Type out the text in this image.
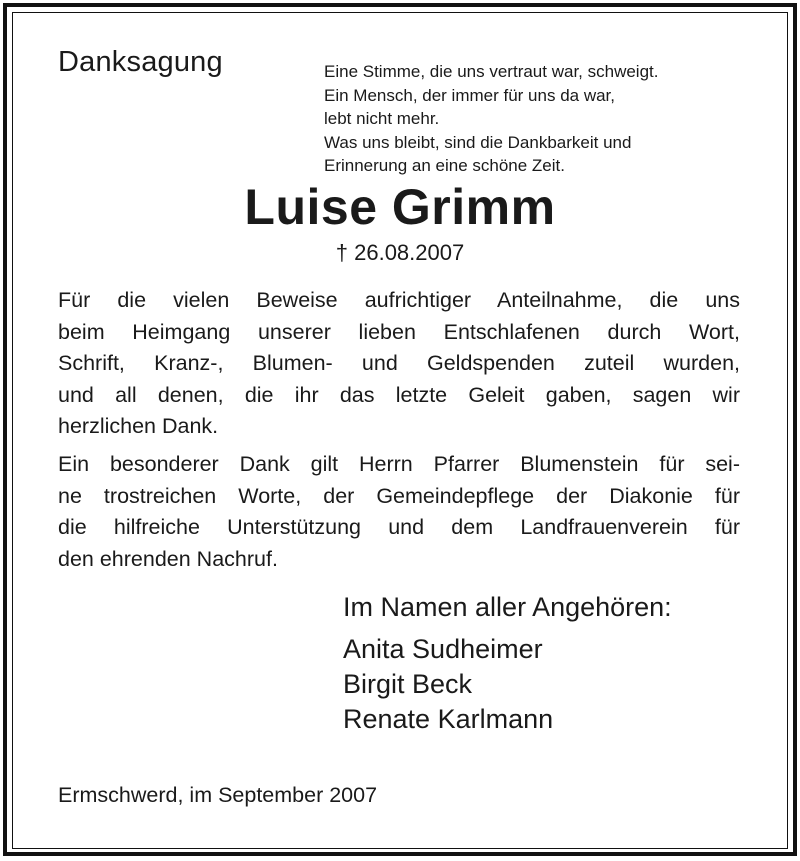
Danksagung	Eine Stimme, die uns vertraut war, schweigt.
Ein Mensch, der immer für uns da war,
lebt nicht mehr.
Was uns bleibt, sind die Dankbarkeit und
Erinnerung an eine schöne Zeit.
Luise Grimm
† 26.08.2007
Für die vielen Beweise aufrichtiger Anteilnahme, die uns
beim Heimgang unserer lieben Entschlafenen durch Wort,
Schrift, Kranz-, Blumen- und Geldspenden zuteil wurden,
und all denen, die ihr das letzte Geleit gaben, sagen wir
herzlichen Dank.
Ein besonderer Dank gilt Herrn Pfarrer Blumenstein für sei-
ne trostreichen Worte, der Gemeindepflege der Diakonie für
die hilfreiche Unterstützung und dem Landfrauenverein für
den ehrenden Nachruf.
Im Namen aller Angehören:
Anita Sudheimer
Birgit Beck
Renate Karlmann
Ermschwerd, im September 2007
